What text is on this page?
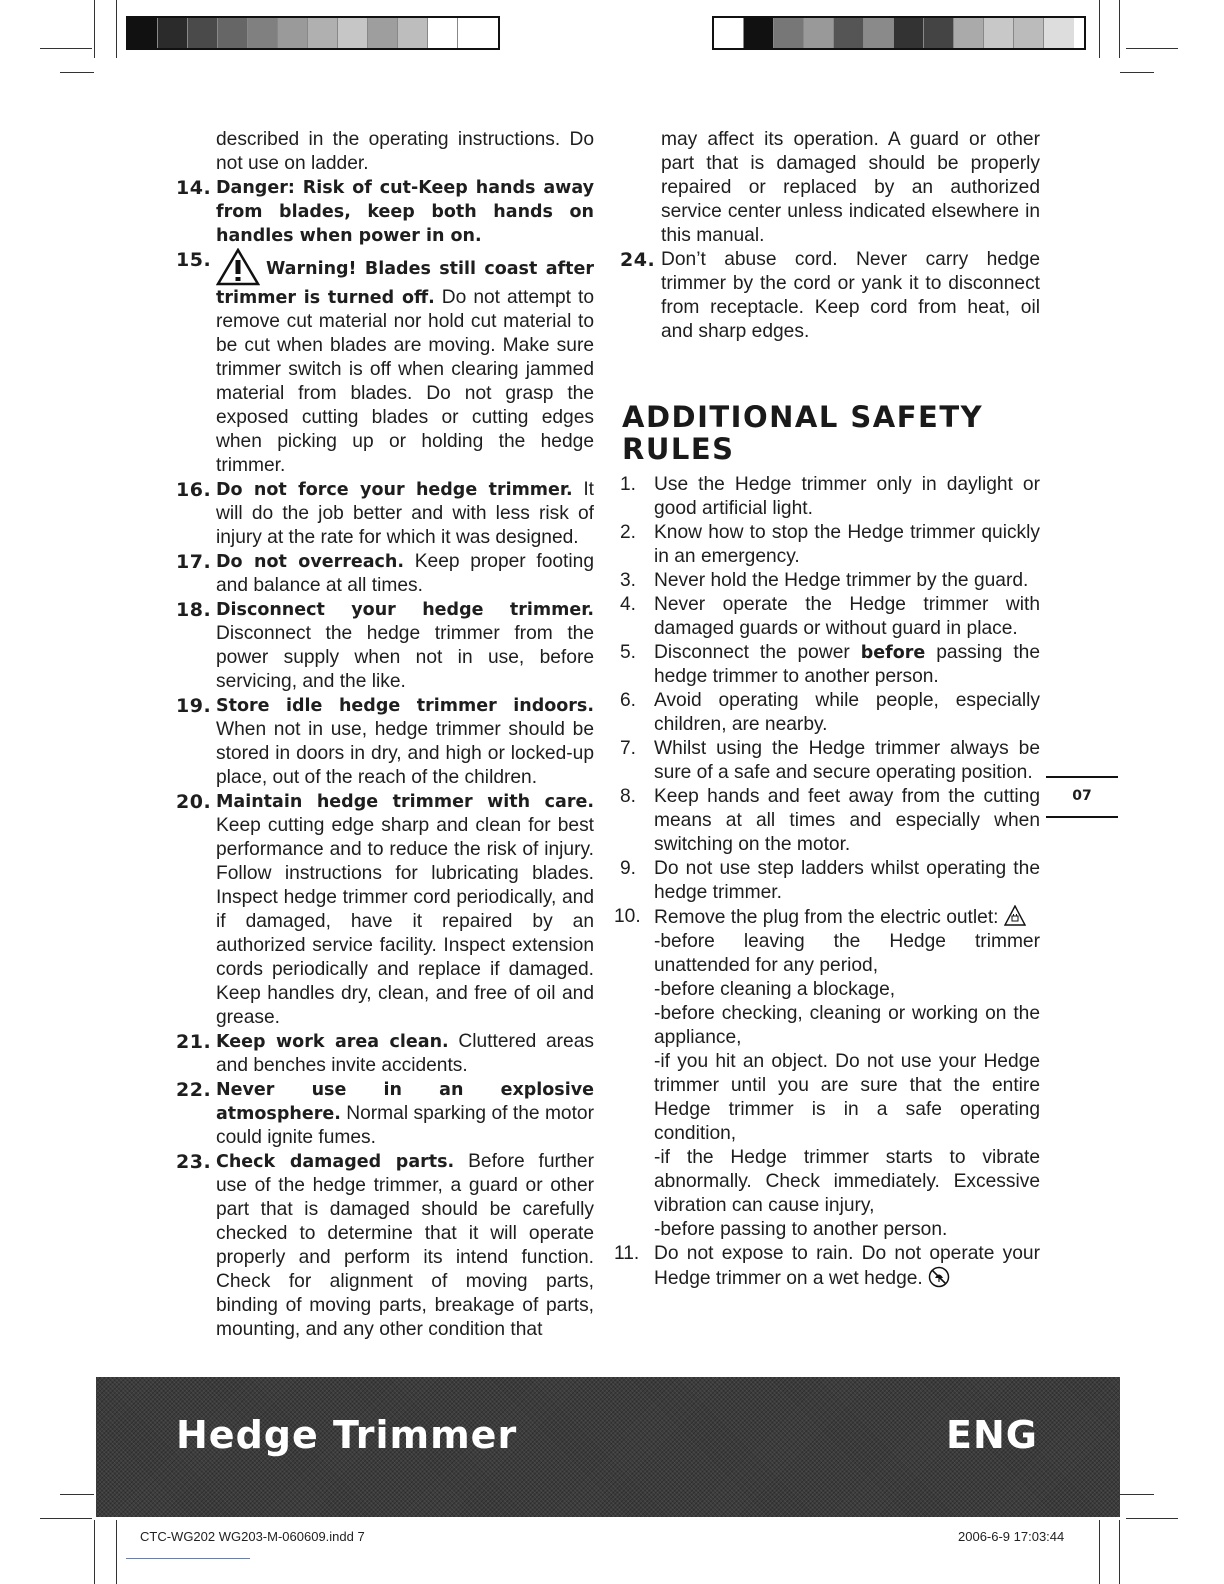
described in the operating instructions. Do not use on ladder.

14. Danger: Risk of cut-Keep hands away from blades, keep both hands on handles when power in on.
15.	Warning! Blades still coast after trimmer is turned off. Do not attempt to remove cut material nor hold cut material to be cut when blades are moving. Make sure trimmer switch is off when clearing jammed material from blades. Do not grasp the exposed cutting blades or cutting edges when picking up or holding the hedge trimmer.
16. Do not force your hedge trimmer. It will do the job better and with less risk of injury at the rate for which it was designed.
17. Do not overreach. Keep proper footing and balance at all times.
18. Disconnect your hedge trimmer. Disconnect the hedge trimmer from the power supply when not in use, before servicing, and the like.
19. Store idle hedge trimmer indoors. When not in use, hedge trimmer should be stored in doors in dry, and high or locked-up place, out of the reach of the children.
20. Maintain hedge trimmer with care. Keep cutting edge sharp and clean for best performance and to reduce the risk of injury. Follow instructions for lubricating blades. Inspect hedge trimmer cord periodically, and if damaged, have it repaired by an authorized service facility. Inspect extension cords periodically and replace if damaged. Keep handles dry, clean, and free of oil and grease.
21. Keep work area clean. Cluttered areas and benches invite accidents.
22. Never use in an explosive atmosphere. Normal sparking of the motor could ignite fumes.
23. Check damaged parts. Before further use of the hedge trimmer, a guard or other part that is damaged should be carefully checked to determine that it will operate properly and perform its intend function. Check for alignment of moving parts, binding of moving parts, breakage of parts, mounting, and any other condition that

may affect its operation. A guard or other part that is damaged should be properly repaired or replaced by an authorized service center unless indicated elsewhere in this manual.

24. Don’t abuse cord. Never carry hedge trimmer by the cord or yank it to disconnect from receptacle. Keep cord from heat, oil and sharp edges.
ADDITIONAL SAFETY
RULES
1. Use the Hedge trimmer only in daylight or good artificial light.
2. Know how to stop the Hedge trimmer quickly in an emergency.
3. Never hold the Hedge trimmer by the guard.
4. Never operate the Hedge trimmer with damaged guards or without guard in place.
5. Disconnect the power before passing the hedge trimmer to another person.
6. Avoid operating while people, especially children, are nearby.
7. Whilst using the Hedge trimmer always be sure of a safe and secure operating position.
8. Keep hands and feet away from the cutting means at all times and especially when switching on the motor.
9. Do not use step ladders whilst operating the hedge trimmer.
10. Remove the plug from the electric outlet:
-before leaving the Hedge trimmer unattended for any period,
-before cleaning a blockage,
-before checking, cleaning or working on the appliance,
-if you hit an object. Do not use your Hedge trimmer until you are sure that the entire Hedge trimmer is in a safe operating condition,
-if the Hedge trimmer starts to vibrate abnormally. Check immediately. Excessive vibration can cause injury,
-before passing to another person.
11. Do not expose to rain. Do not operate your Hedge trimmer on a wet hedge.
07
Hedge Trimmer	ENG
CTC-WG202 WG203-M-060609.indd 7	2006-6-9 17:03:44
